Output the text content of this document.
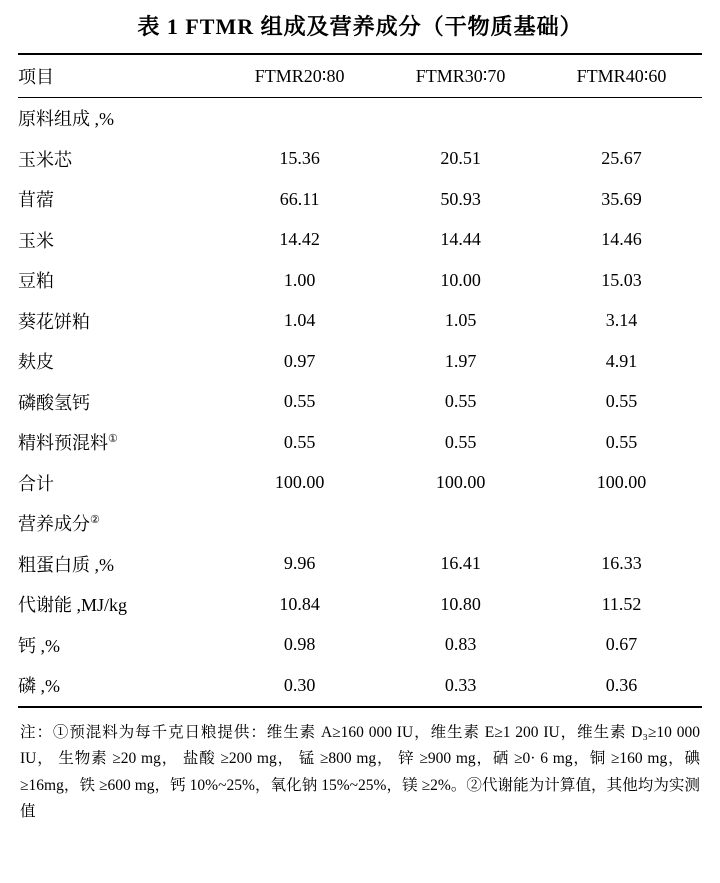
表 1 FTMR 组成及营养成分（干物质基础）
项目	FTMR20∶80	FTMR30∶70	FTMR40∶60
原料组成 ,%			
玉米芯	15.36	20.51	25.67
苜蓿	66.11	50.93	35.69
玉米	14.42	14.44	14.46
豆粕	1.00	10.00	15.03
葵花饼粕	1.04	1.05	3.14
麸皮	0.97	1.97	4.91
磷酸氢钙	0.55	0.55	0.55
精料预混料①	0.55	0.55	0.55
合计	100.00	100.00	100.00
营养成分②			
粗蛋白质 ,%	9.96	16.41	16.33
代谢能 ,MJ/kg	10.84	10.80	11.52
钙 ,%	0.98	0.83	0.67
磷 ,%	0.30	0.33	0.36

注：①预混料为每千克日粮提供：维生素 A≥160 000 IU，维生素 E≥1 200 IU，维生素 D₃≥10 000 IU， 生物素 ≥20 mg， 盐酸 ≥200 mg， 锰 ≥800 mg， 锌 ≥900 mg，硒 ≥0· 6 mg，铜 ≥160 mg，碘 ≥16mg，铁 ≥600 mg，钙 10%~25%，氧化钠 15%~25%，镁 ≥2%。②代谢能为计算值，其他均为实测值
